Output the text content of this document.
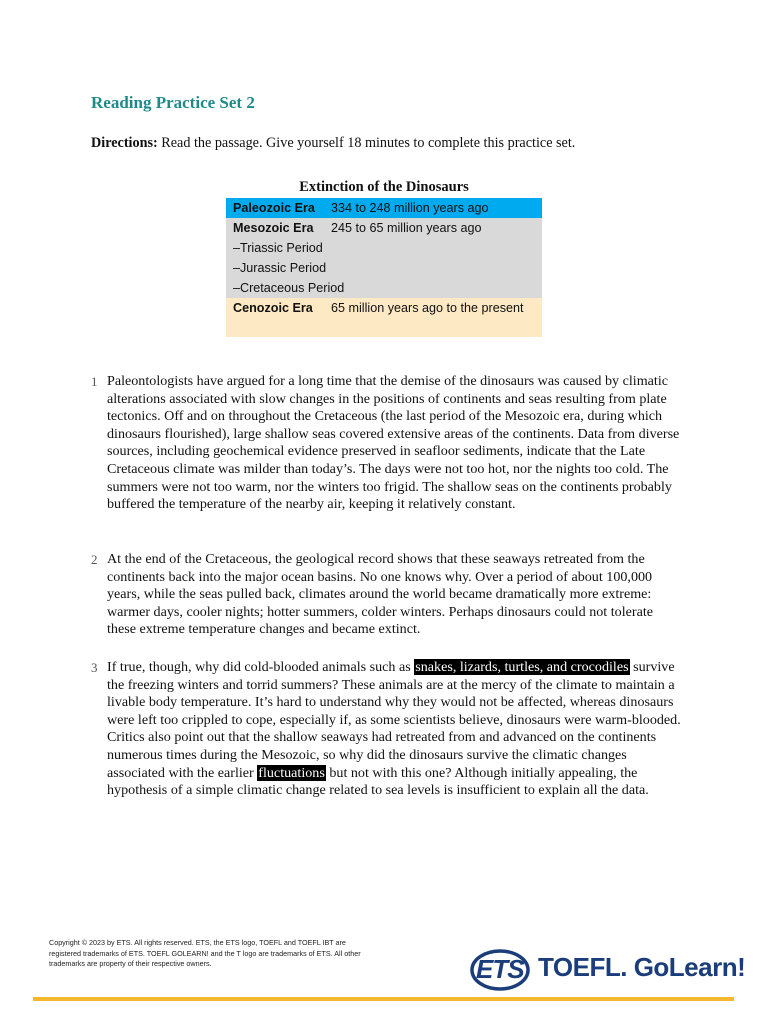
Reading Practice Set 2
Directions: Read the passage. Give yourself 18 minutes to complete this practice set.
Extinction of the Dinosaurs
Paleozoic Era 334 to 248 million years ago
Mesozoic Era 245 to 65 million years ago
–Triassic Period
–Jurassic Period
–Cretaceous Period
Cenozoic Era 65 million years ago to the present
1 Paleontologists have argued for a long time that the demise of the dinosaurs was caused by climatic alterations associated with slow changes in the positions of continents and seas resulting from plate tectonics. Off and on throughout the Cretaceous (the last period of the Mesozoic era, during which dinosaurs flourished), large shallow seas covered extensive areas of the continents. Data from diverse sources, including geochemical evidence preserved in seafloor sediments, indicate that the Late Cretaceous climate was milder than today’s. The days were not too hot, nor the nights too cold. The summers were not too warm, nor the winters too frigid. The shallow seas on the continents probably buffered the temperature of the nearby air, keeping it relatively constant.
2 At the end of the Cretaceous, the geological record shows that these seaways retreated from the continents back into the major ocean basins. No one knows why. Over a period of about 100,000 years, while the seas pulled back, climates around the world became dramatically more extreme: warmer days, cooler nights; hotter summers, colder winters. Perhaps dinosaurs could not tolerate these extreme temperature changes and became extinct.
3 If true, though, why did cold-blooded animals such as snakes, lizards, turtles, and crocodiles survive the freezing winters and torrid summers? These animals are at the mercy of the climate to maintain a livable body temperature. It’s hard to understand why they would not be affected, whereas dinosaurs were left too crippled to cope, especially if, as some scientists believe, dinosaurs were warm-blooded. Critics also point out that the shallow seaways had retreated from and advanced on the continents numerous times during the Mesozoic, so why did the dinosaurs survive the climatic changes associated with the earlier fluctuations but not with this one? Although initially appealing, the hypothesis of a simple climatic change related to sea levels is insufficient to explain all the data.
Copyright © 2023 by ETS. All rights reserved. ETS, the ETS logo, TOEFL and TOEFL IBT are registered trademarks of ETS. TOEFL GOLEARN! and the T logo are trademarks of ETS. All other trademarks are property of their respective owners.	ETS TOEFL. GoLearn!
